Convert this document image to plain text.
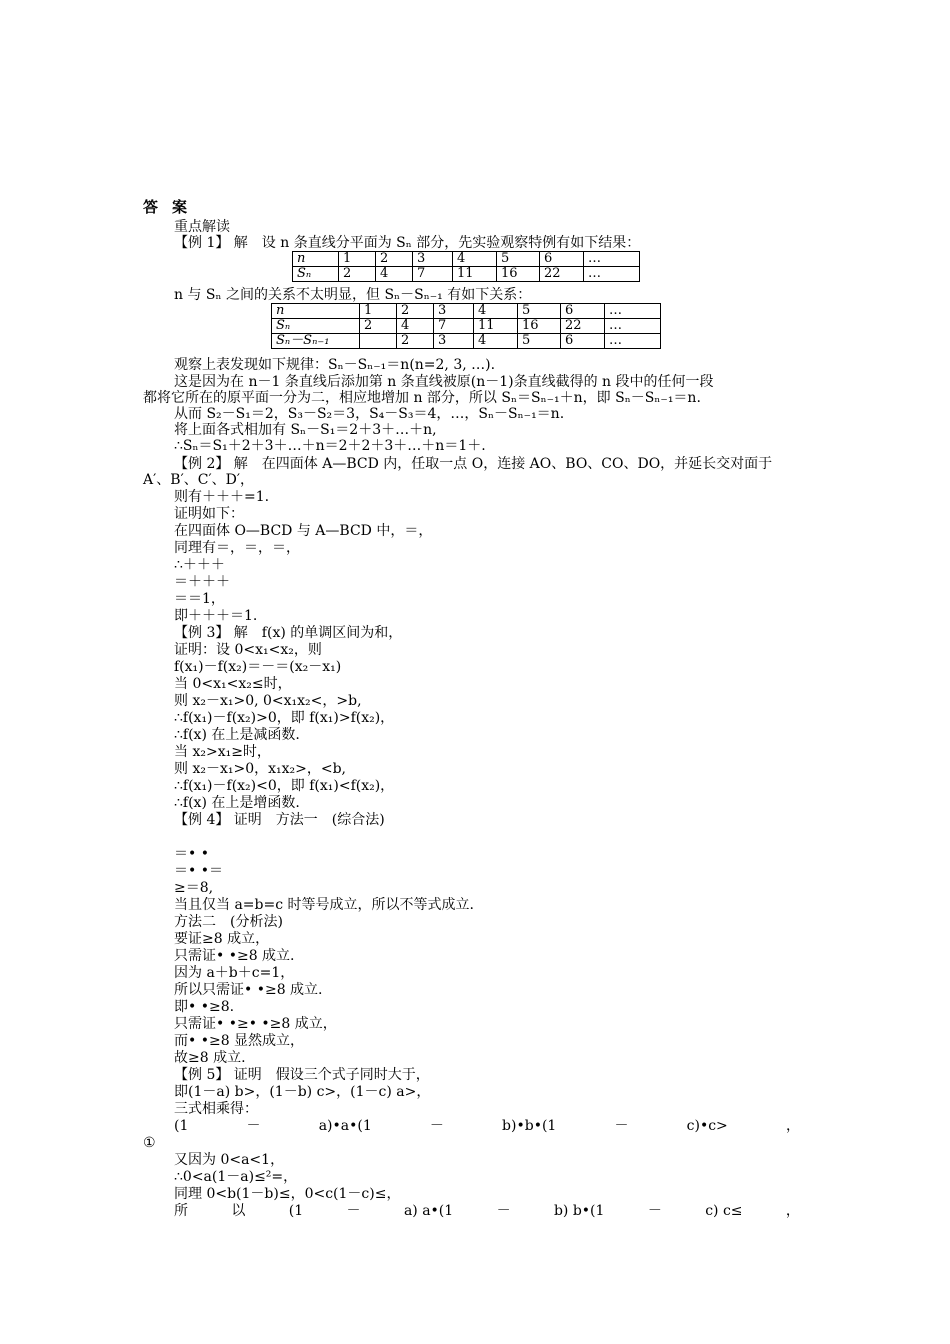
答案
重点解读
【例 1】 解　设 n 条直线分平面为 Sₙ 部分，先实验观察特例有如下结果：
n	1	2	3	4	5	6	…
Sₙ	2	4	7	11	16	22	…
n 与 Sₙ 之间的关系不太明显，但 Sₙ－Sₙ₋₁ 有如下关系：
n	1	2	3	4	5	6	…
Sₙ	2	4	7	11	16	22	…
Sₙ－Sₙ₋₁		2	3	4	5	6	…
观察上表发现如下规律：Sₙ－Sₙ₋₁＝n(n=2, 3, …).
这是因为在 n－1 条直线后添加第 n 条直线被原(n－1)条直线截得的 n 段中的任何一段
都将它所在的原平面一分为二，相应地增加 n 部分，所以 Sₙ＝Sₙ₋₁＋n，即 Sₙ－Sₙ₋₁＝n.
从而 S₂－S₁＝2，S₃－S₂＝3，S₄－S₃＝4，…，Sₙ－Sₙ₋₁＝n.
将上面各式相加有 Sₙ－S₁＝2＋3＋…＋n,
∴Sₙ＝S₁＋2＋3＋…＋n＝2＋2＋3＋…＋n＝1＋.
【例 2】 解　在四面体 A—BCD 内，任取一点 O，连接 AO、BO、CO、DO，并延长交对面于
A′、B′、C′、D′，
则有＋＋＋=1.
证明如下：
在四面体 O—BCD 与 A—BCD 中，＝，
同理有＝，＝，＝，
∴＋＋＋
＝＋＋＋
＝＝1，
即＋＋＋＝1.
【例 3】 解　f(x) 的单调区间为和，
证明：设 0<x₁<x₂，则
f(x₁)－f(x₂)＝－＝(x₂－x₁)
当 0<x₁<x₂≤时，
则 x₂－x₁>0, 0<x₁x₂<，>b,
∴f(x₁)－f(x₂)>0，即 f(x₁)>f(x₂)，
∴f(x) 在上是减函数.
当 x₂>x₁≥时，
则 x₂－x₁>0，x₁x₂>，<b,
∴f(x₁)－f(x₂)<0，即 f(x₁)<f(x₂)，
∴f(x) 在上是增函数.
【例 4】 证明　方法一　(综合法)
＝• •
＝• •＝
≥＝8,
当且仅当 a=b=c 时等号成立，所以不等式成立.
方法二　(分析法)
要证≥8 成立，
只需证• •≥8 成立.
因为 a＋b＋c=1，
所以只需证• •≥8 成立.
即• •≥8.
只需证• •≥• •≥8 成立，
而• •≥8 显然成立，
故≥8 成立.
【例 5】 证明　假设三个式子同时大于，
即(1－a) b>，(1－b) c>，(1－c) a>，
三式相乘得：
(1	－	a)•a•(1	－	b)•b•(1	－	c)•c>	，
①
又因为 0<a<1，
∴0<a(1－a)≤²=，
同理 0<b(1－b)≤，0<c(1－c)≤，
所	以	(1	－	a) a•(1	－	b) b•(1	－	c) c≤	，
